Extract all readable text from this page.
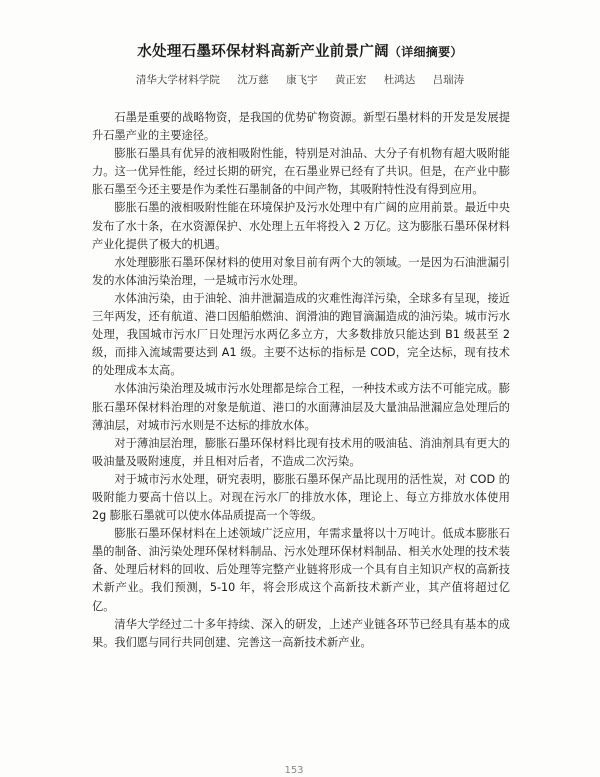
水处理石墨环保材料高新产业前景广阔（详细摘要）
清华大学材料学院 沈万慈 康飞宇 黄正宏 杜鸿达 吕瑞涛

石墨是重要的战略物资，是我国的优势矿物资源。新型石墨材料的开发是发展提升石墨产业的主要途径。

膨胀石墨具有优异的液相吸附性能，特别是对油品、大分子有机物有超大吸附能力。这一优异性能，经过长期的研究，在石墨业界已经有了共识。但是，在产业中膨胀石墨至今还主要是作为柔性石墨制备的中间产物，其吸附特性没有得到应用。

膨胀石墨的液相吸附性能在环境保护及污水处理中有广阔的应用前景。最近中央发布了水十条，在水资源保护、水处理上五年将投入 2 万亿。这为膨胀石墨环保材料产业化提供了极大的机遇。

水处理膨胀石墨环保材料的使用对象目前有两个大的领域。一是因为石油泄漏引发的水体油污染治理，一是城市污水处理。

水体油污染，由于油轮、油井泄漏造成的灾难性海洋污染，全球多有呈现，接近三年两发，还有航道、港口因船舶燃油、润滑油的跑冒滴漏造成的油污染。城市污水处理，我国城市污水厂日处理污水两亿多立方，大多数排放只能达到 B1 级甚至 2 级，而排入流域需要达到 A1 级。主要不达标的指标是 COD，完全达标，现有技术的处理成本太高。

水体油污染治理及城市污水处理都是综合工程，一种技术或方法不可能完成。膨胀石墨环保材料治理的对象是航道、港口的水面薄油层及大量油品泄漏应急处理后的薄油层，对城市污水则是不达标的排放水体。

对于薄油层治理，膨胀石墨环保材料比现有技术用的吸油毡、消油剂具有更大的吸油量及吸附速度，并且相对后者，不造成二次污染。

对于城市污水处理，研究表明，膨胀石墨环保产品比现用的活性炭，对 COD 的吸附能力要高十倍以上。对现在污水厂的排放水体，理论上、每立方排放水体使用 2g 膨胀石墨就可以使水体品质提高一个等级。

膨胀石墨环保材料在上述领域广泛应用，年需求量将以十万吨计。低成本膨胀石墨的制备、油污染处理环保材料制品、污水处理环保材料制品、相关水处理的技术装备、处理后材料的回收、后处理等完整产业链将形成一个具有自主知识产权的高新技术新产业。我们预测，5-10 年，将会形成这个高新技术新产业，其产值将超过亿亿。

清华大学经过二十多年持续、深入的研发，上述产业链各环节已经具有基本的成果。我们愿与同行共同创建、完善这一高新技术新产业。

153
